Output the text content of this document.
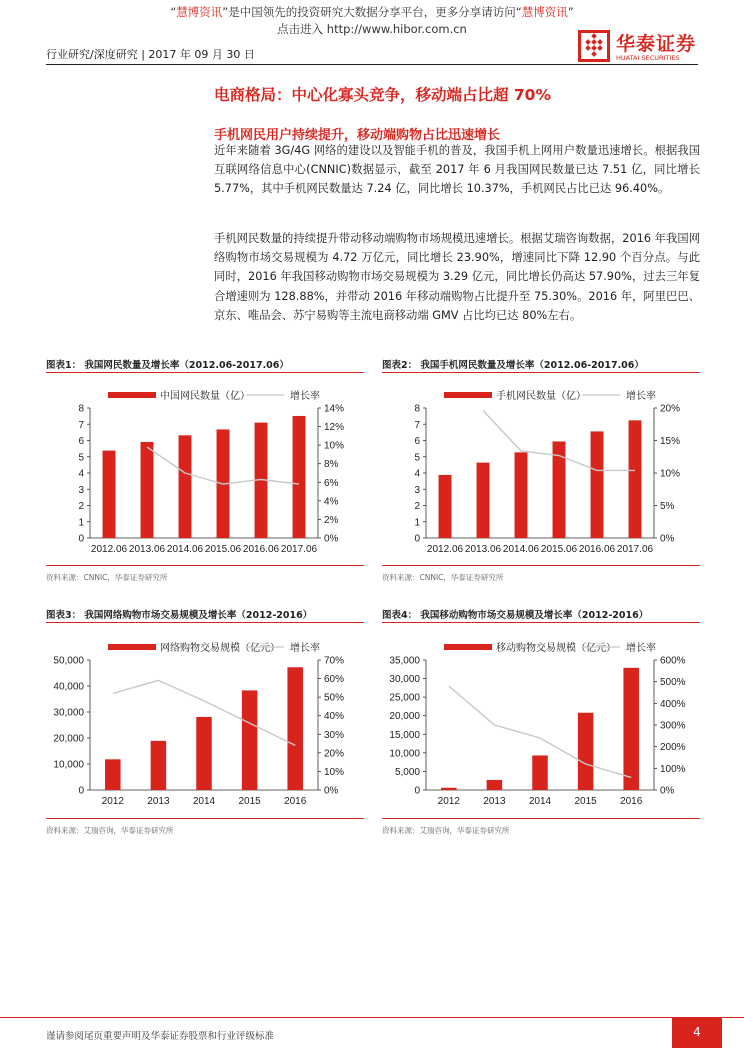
“慧博资讯”是中国领先的投资研究大数据分享平台，更多分享请访问“慧博资讯”
点击进入 http://www.hibor.com.cn
行业研究/深度研究 | 2017 年 09 月 30 日	华泰证券
HUATAI SECURITIES
电商格局：中心化寡头竞争，移动端占比超 70%
手机网民用户持续提升，移动端购物占比迅速增长
近年来随着 3G/4G 网络的建设以及智能手机的普及，我国手机上网用户数量迅速增长。根据我国互联网络信息中心(CNNIC)数据显示，截至 2017 年 6 月我国网民数量已达 7.51 亿，同比增长 5.77%，其中手机网民数量达 7.24 亿，同比增长 10.37%，手机网民占比已达 96.40%。
手机网民数量的持续提升带动移动端购物市场规模迅速增长。根据艾瑞咨询数据，2016 年我国网络购物市场交易规模为 4.72 万亿元，同比增长 23.90%，增速同比下降 12.90 个百分点。与此同时，2016 年我国移动购物市场交易规模为 3.29 亿元，同比增长仍高达 57.90%，过去三年复合增速则为 128.88%，并带动 2016 年移动端购物占比提升至 75.30%。2016 年，阿里巴巴、京东、唯品会、苏宁易购等主流电商移动端 GMV 占比均已达 80%左右。
图表1： 我国网民数量及增长率（2012.06-2017.06）
中国网民数量（亿）	增长率
0
1
2
3
4
5
6
7
8
0%
2%
4%
6%
8%
10%
12%
14%
2012.06 2013.06 2014.06 2015.06 2016.06 2017.06
资料来源：CNNIC，华泰证券研究所
图表2： 我国手机网民数量及增长率（2012.06-2017.06）
手机网民数量（亿）	增长率
0
1
2
3
4
5
6
7
8
0%
5%
10%
15%
20%
2012.06 2013.06 2014.06 2015.06 2016.06 2017.06
资料来源：CNNIC，华泰证券研究所
图表3： 我国网络购物市场交易规模及增长率（2012-2016）
网络购物交易规模（亿元） 增长率
0
10,000
20,000
30,000
40,000
50,000
0%
10%
20%
30%
40%
50%
60%
70%
2012 2013 2014 2015 2016
资料来源：艾瑞咨询，华泰证券研究所
图表4： 我国移动购物市场交易规模及增长率（2012-2016）
移动购物交易规模（亿元） 增长率
0
5,000
10,000
15,000
20,000
25,000
30,000
35,000
0%
100%
200%
300%
400%
500%
600%
2012 2013 2014 2015 2016
资料来源：艾瑞咨询，华泰证券研究所
谨请参阅尾页重要声明及华泰证券股票和行业评级标准	4
